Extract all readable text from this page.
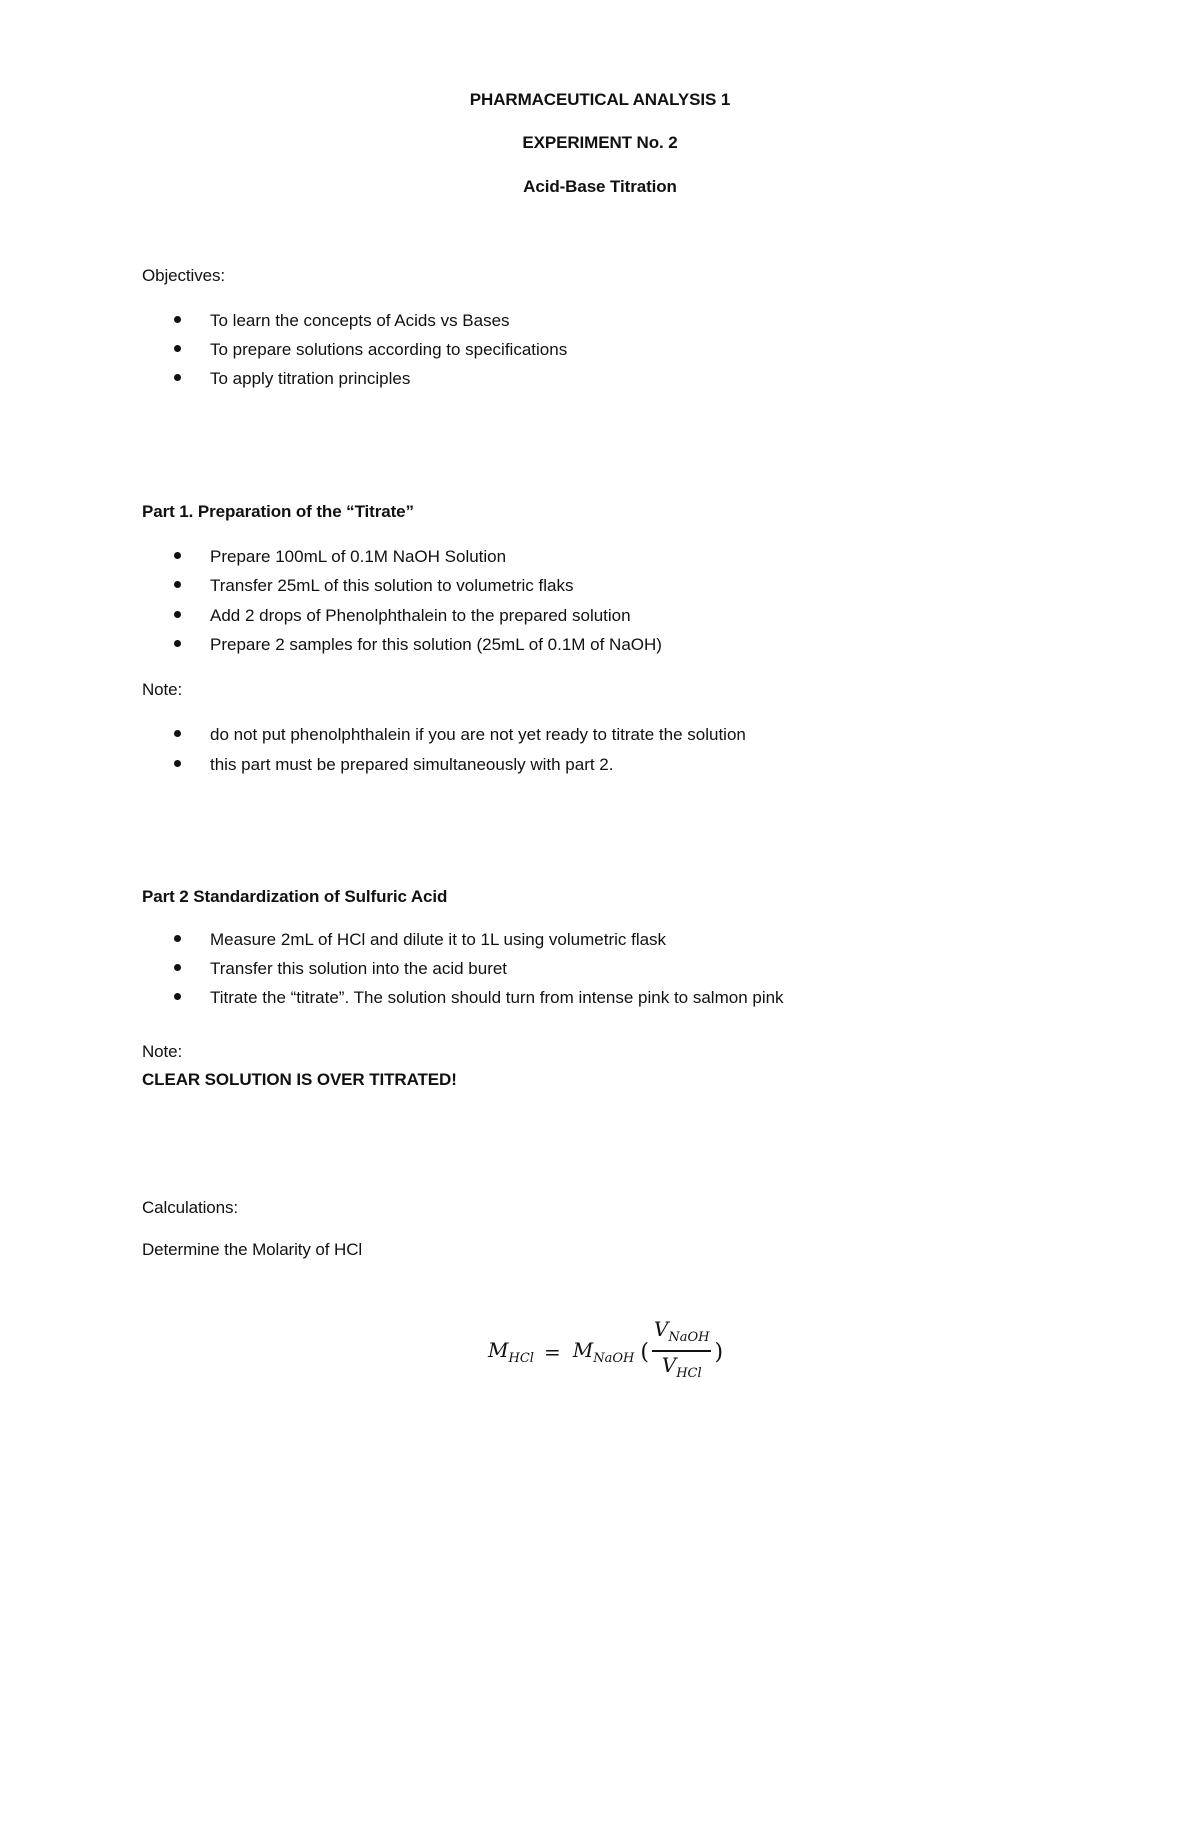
PHARMACEUTICAL ANALYSIS 1
EXPERIMENT No. 2
Acid-Base Titration
Objectives:
To learn the concepts of Acids vs Bases
To prepare solutions according to specifications
To apply titration principles
Part 1. Preparation of the “Titrate”
Prepare 100mL of 0.1M NaOH Solution
Transfer 25mL of this solution to volumetric flaks
Add 2 drops of Phenolphthalein to the prepared solution
Prepare 2 samples for this solution (25mL of 0.1M of NaOH)
Note:
do not put phenolphthalein if you are not yet ready to titrate the solution
this part must be prepared simultaneously with part 2.
Part 2 Standardization of Sulfuric Acid
Measure 2mL of HCl and dilute it to 1L using volumetric flask
Transfer this solution into the acid buret
Titrate the “titrate”. The solution should turn from intense pink to salmon pink
Note:
CLEAR SOLUTION IS OVER TITRATED!
Calculations:
Determine the Molarity of HCl
$M_{HCl} = M_{NaOH}$ ( $\frac{V_{NaOH}}{V_{HCl}}$ )
